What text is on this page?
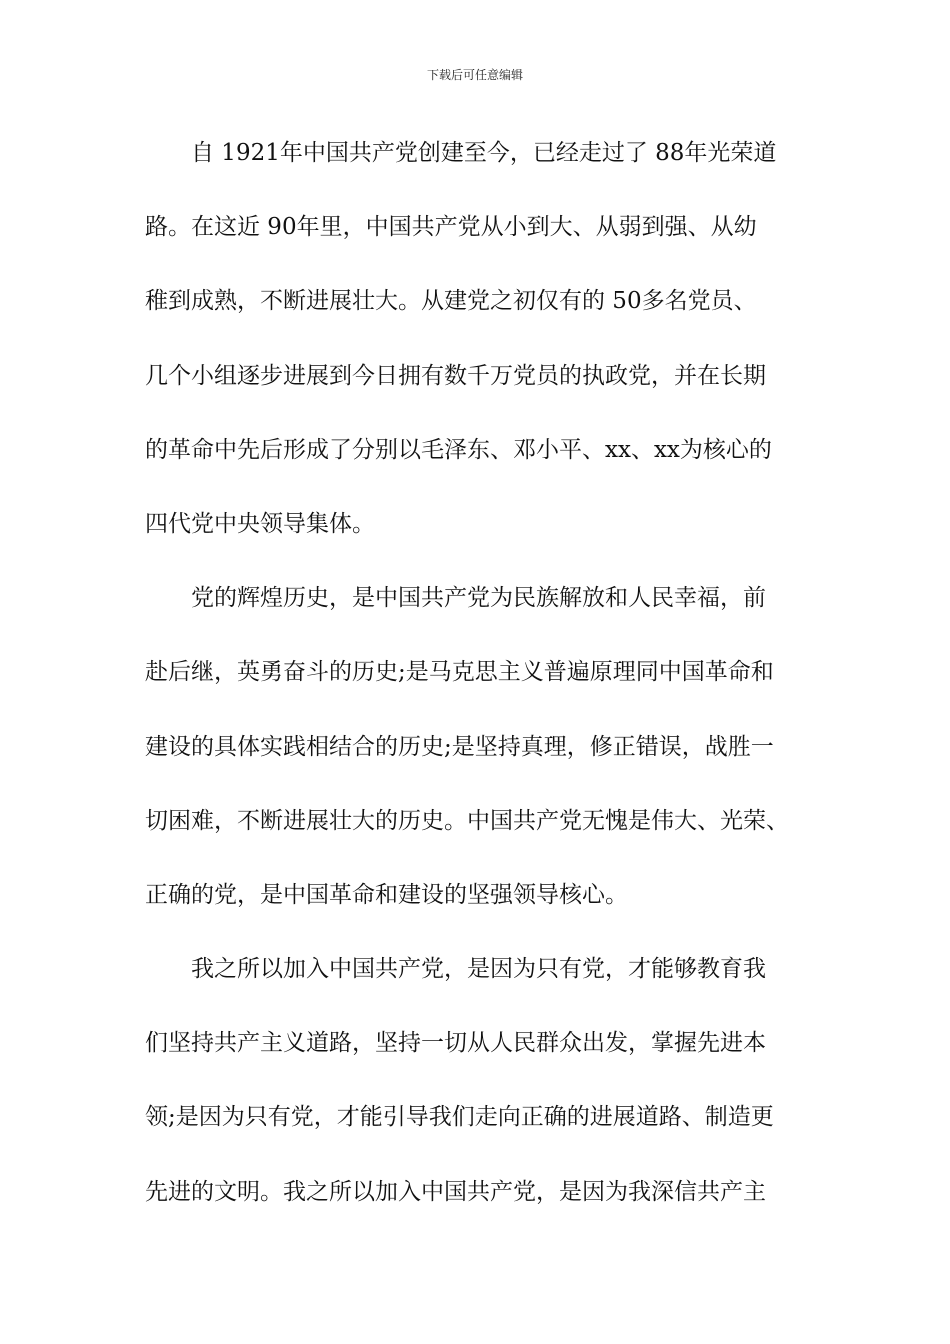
下载后可任意编辑
自 1921年中国共产党创建至今，已经走过了 88年光荣道
路。在这近 90年里，中国共产党从小到大、从弱到强、从幼
稚到成熟，不断进展壮大。从建党之初仅有的 50多名党员、
几个小组逐步进展到今日拥有数千万党员的执政党，并在长期
的革命中先后形成了分别以毛泽东、邓小平、xx、xx为核心的
四代党中央领导集体。
党的辉煌历史，是中国共产党为民族解放和人民幸福，前
赴后继，英勇奋斗的历史;是马克思主义普遍原理同中国革命和
建设的具体实践相结合的历史;是坚持真理，修正错误，战胜一
切困难，不断进展壮大的历史。中国共产党无愧是伟大、光荣、
正确的党，是中国革命和建设的坚强领导核心。
我之所以加入中国共产党，是因为只有党，才能够教育我
们坚持共产主义道路，坚持一切从人民群众出发，掌握先进本
领;是因为只有党，才能引导我们走向正确的进展道路、制造更
先进的文明。我之所以加入中国共产党，是因为我深信共产主
